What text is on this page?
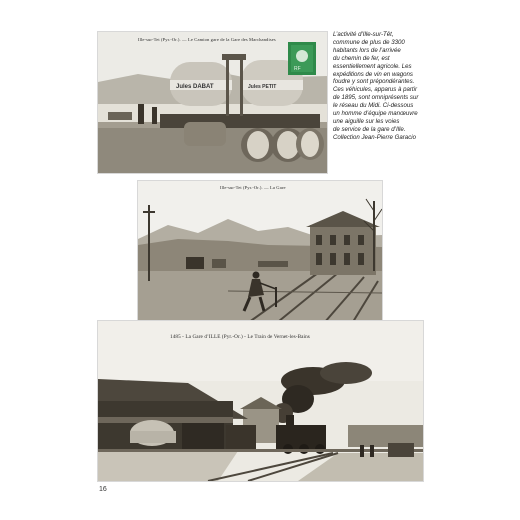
Jules DABAT	Jules PETIT
RF
Ille-sur-Tet (Pyr.-Or.). — Le Camion gare de la Gare des Marchandises
L’activité d’Ille-sur-Têt,
commune de plus de 3300
habitants lors de l’arrivée
du chemin de fer, est
essentiellement agricole. Les
expéditions de vin en wagons
foudre y sont prépondérantes.
Ces véhicules, apparus à partir
de 1895, sont omniprésents sur
le réseau du Midi. Ci-dessous
un homme d’équipe manœuvre
une aiguille sur les voies
de service de la gare d’Ille.
Collection Jean-Pierre Garacio
Ille-sur-Tet (Pyr.-Or.). — La Gare
1485 - La Gare d’ILLE (Pyr.-Or.) - Le Train de Vernet-les-Bains
16
